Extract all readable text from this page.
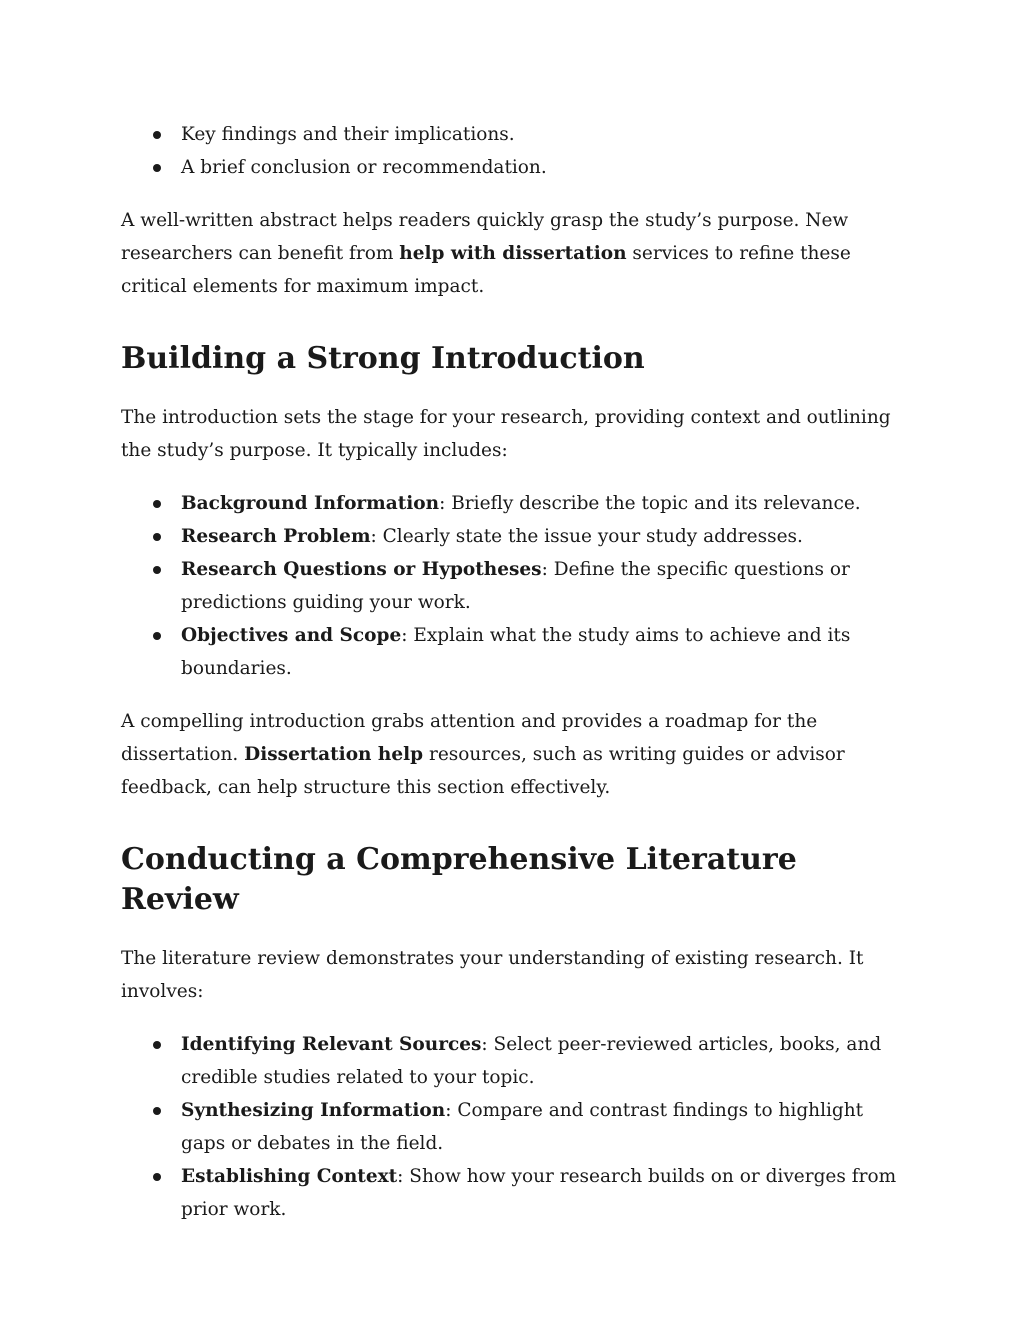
Key findings and their implications.
A brief conclusion or recommendation.

A well-written abstract helps readers quickly grasp the study’s purpose. New researchers can benefit from help with dissertation services to refine these critical elements for maximum impact.

Building a Strong Introduction

The introduction sets the stage for your research, providing context and outlining the study’s purpose. It typically includes:

Background Information: Briefly describe the topic and its relevance.
Research Problem: Clearly state the issue your study addresses.
Research Questions or Hypotheses: Define the specific questions or predictions guiding your work.
Objectives and Scope: Explain what the study aims to achieve and its boundaries.

A compelling introduction grabs attention and provides a roadmap for the dissertation. Dissertation help resources, such as writing guides or advisor feedback, can help structure this section effectively.

Conducting a Comprehensive Literature Review

The literature review demonstrates your understanding of existing research. It involves:

Identifying Relevant Sources: Select peer-reviewed articles, books, and credible studies related to your topic.
Synthesizing Information: Compare and contrast findings to highlight gaps or debates in the field.
Establishing Context: Show how your research builds on or diverges from prior work.
